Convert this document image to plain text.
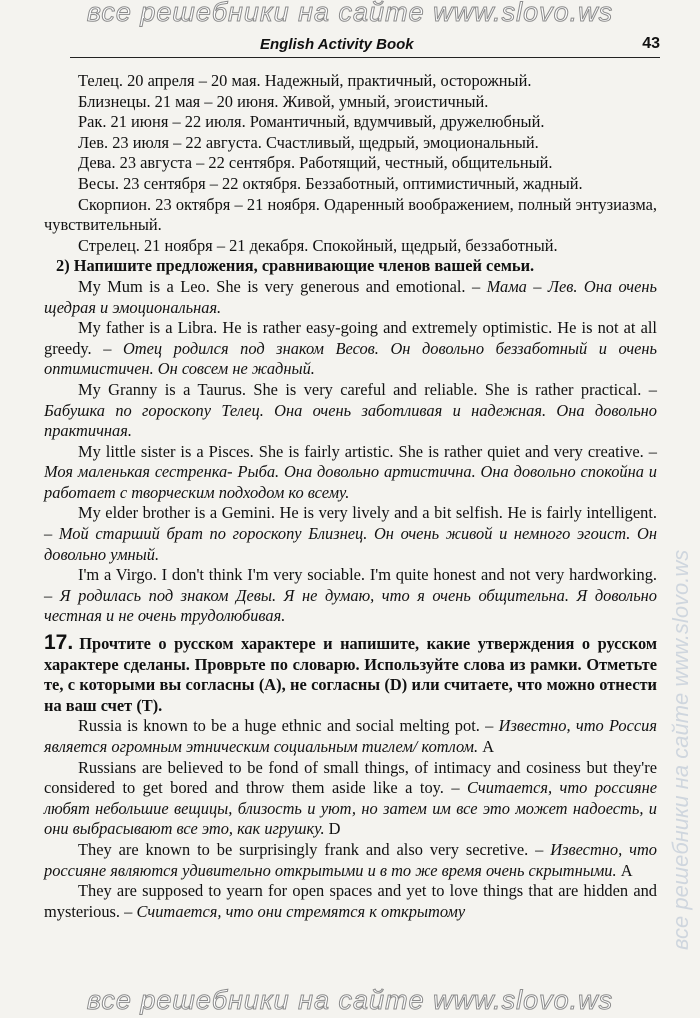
все решебники на сайте www.slovo.ws
все решебники на сайте www.slovo.ws
English Activity Book	43

Телец. 20 апреля – 20 мая. Надежный, практичный, осторожный.

Близнецы. 21 мая – 20 июня. Живой, умный, эгоистичный.

Рак. 21 июня – 22 июля. Романтичный, вдумчивый, дружелюбный.

Лев. 23 июля – 22 августа. Счастливый, щедрый, эмоциональный.

Дева. 23 августа – 22 сентября. Работящий, честный, общительный.

Весы. 23 сентября – 22 октября. Беззаботный, оптимистичный, жадный.

Скорпион. 23 октября – 21 ноября. Одаренный воображением, полный энтузиазма, чувствительный.

Стрелец. 21 ноября – 21 декабря. Спокойный, щедрый, беззаботный.

2) Напишите предложения, сравнивающие членов вашей семьи.

My Mum is a Leo. She is very generous and emotional. – Мама – Лев. Она очень щедрая и эмоциональная.

My father is a Libra. He is rather easy-going and extremely optimistic. He is not at all greedy. – Отец родился под знаком Весов. Он довольно беззаботный и очень оптимистичен. Он совсем не жадный.

My Granny is a Taurus. She is very careful and reliable. She is rather practical. – Бабушка по гороскопу Телец. Она очень заботливая и надежная. Она довольно практичная.

My little sister is a Pisces. She is fairly artistic. She is rather quiet and very creative. – Моя маленькая сестренка- Рыба. Она довольно артистична. Она довольно спокойна и работает с творческим подходом ко всему.

My elder brother is a Gemini. He is very lively and a bit selfish. He is fairly intelligent. – Мой старший брат по гороскопу Близнец. Он очень живой и немного эгоист. Он довольно умный.

I'm a Virgo. I don't think I'm very sociable. I'm quite honest and not very hardworking. – Я родилась под знаком Девы. Я не думаю, что я очень общительна. Я довольно честная и не очень трудолюбивая.

17. Прочтите о русском характере и напишите, какие утверждения о русском характере сделаны. Проврьте по словарю. Используйте слова из рамки. Отметьте те, с которыми вы согласны (A), не согласны (D) или считаете, что можно отнести на ваш счет (T).

Russia is known to be a huge ethnic and social melting pot. – Известно, что Россия является огромным этническим социальным тиглем/ котлом. A

Russians are believed to be fond of small things, of intimacy and cosiness but they're considered to get bored and throw them aside like a toy. – Считается, что россияне любят небольшие вещицы, близость и уют, но затем им все это может надоесть, и они выбрасывают все это, как игрушку. D

They are known to be surprisingly frank and also very secretive. – Известно, что россияне являются удивительно открытыми и в то же время очень скрытными. A

They are supposed to yearn for open spaces and yet to love things that are hidden and mysterious. – Считается, что они стремятся к открытому

все решебники на сайте www.slovo.ws
